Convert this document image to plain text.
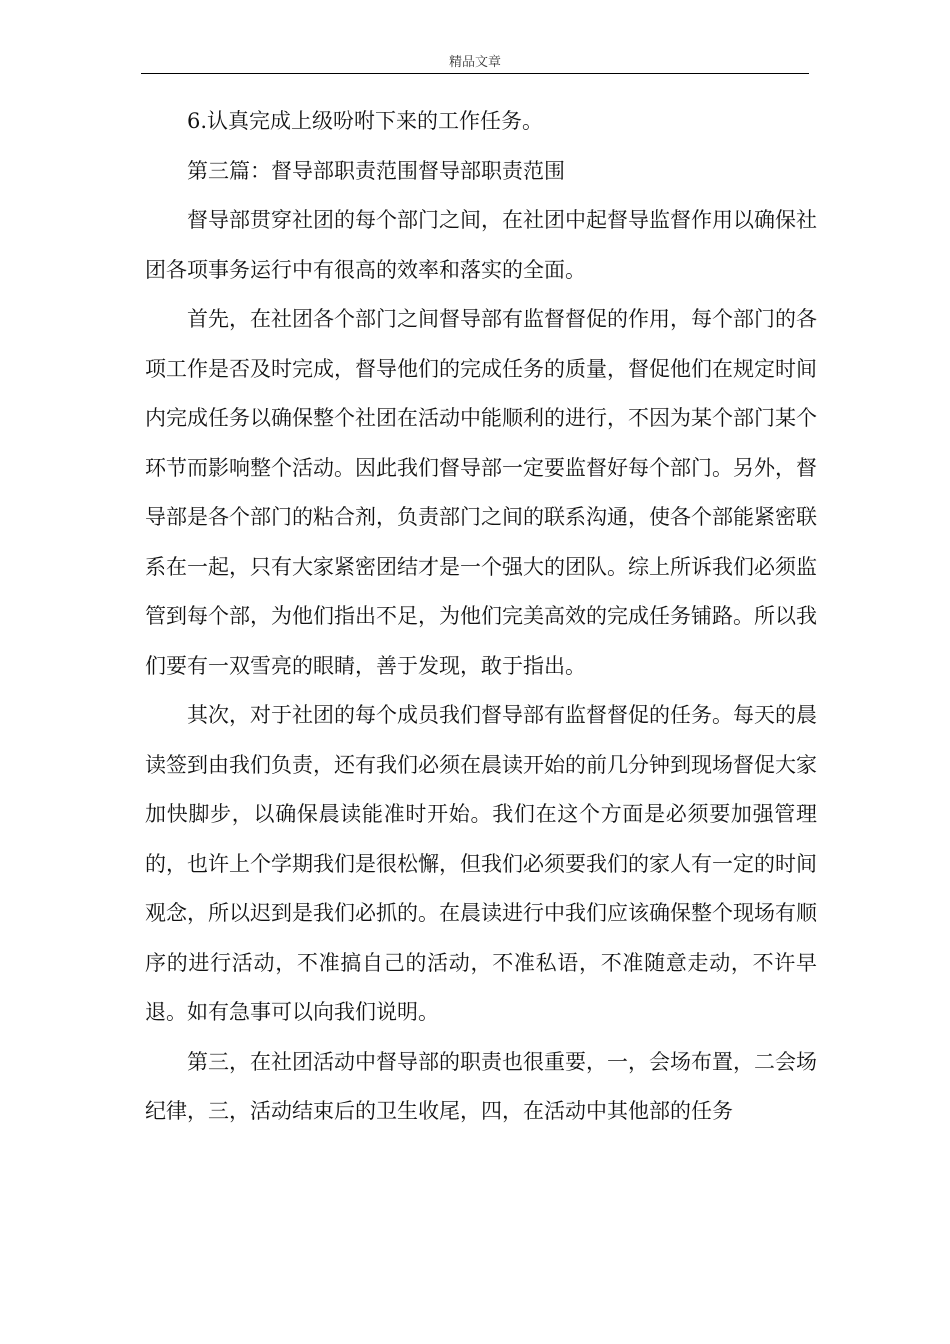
精品文章

6.认真完成上级吩咐下来的工作任务。

第三篇：督导部职责范围督导部职责范围

督导部贯穿社团的每个部门之间，在社团中起督导监督作用以确保社团各项事务运行中有很高的效率和落实的全面。

首先，在社团各个部门之间督导部有监督督促的作用，每个部门的各项工作是否及时完成，督导他们的完成任务的质量，督促他们在规定时间内完成任务以确保整个社团在活动中能顺利的进行，不因为某个部门某个环节而影响整个活动。因此我们督导部一定要监督好每个部门。另外，督导部是各个部门的粘合剂，负责部门之间的联系沟通，使各个部能紧密联系在一起，只有大家紧密团结才是一个强大的团队。综上所诉我们必须监管到每个部，为他们指出不足，为他们完美高效的完成任务铺路。所以我们要有一双雪亮的眼睛，善于发现，敢于指出。

其次，对于社团的每个成员我们督导部有监督督促的任务。每天的晨读签到由我们负责，还有我们必须在晨读开始的前几分钟到现场督促大家加快脚步，以确保晨读能准时开始。我们在这个方面是必须要加强管理的，也许上个学期我们是很松懈，但我们必须要我们的家人有一定的时间观念，所以迟到是我们必抓的。在晨读进行中我们应该确保整个现场有顺序的进行活动，不准搞自己的活动，不准私语，不准随意走动，不许早退。如有急事可以向我们说明。

第三，在社团活动中督导部的职责也很重要，一，会场布置，二会场纪律，三，活动结束后的卫生收尾，四，在活动中其他部的任务
